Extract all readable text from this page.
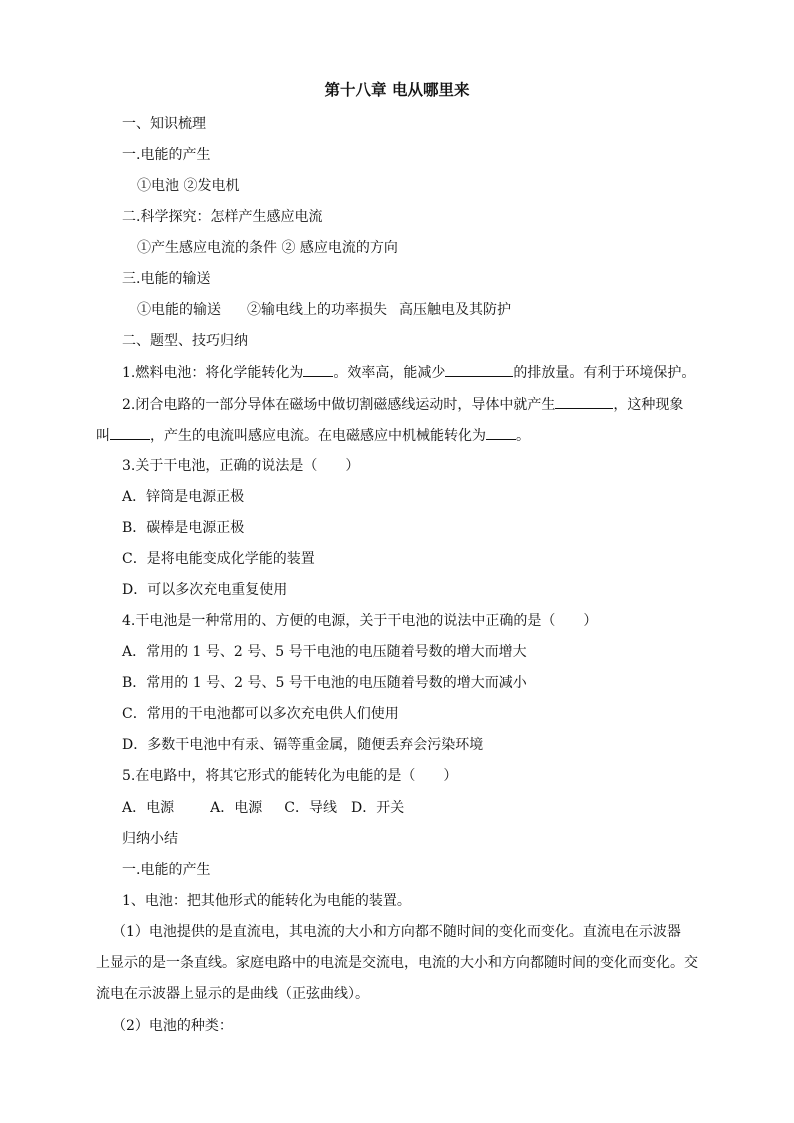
第十八章 电从哪里来
一、知识梳理
一.电能的产生
①电池 ②发电机
二.科学探究：怎样产生感应电流
①产生感应电流的条件 ② 感应电流的方向
三.电能的输送
①电能的输送 ②输电线上的功率损失 高压触电及其防护
二、题型、技巧归纳
1.燃料电池：将化学能转化为 。效率高，能减少	的排放量。有利于环境保护。
2.闭合电路的一部分导体在磁场中做切割磁感线运动时，导体中就产生	，这种现象
叫	，产生的电流叫感应电流。在电磁感应中机械能转化为 。
3.关于干电池，正确的说法是（　　）
A．锌筒是电源正极
B．碳棒是电源正极
C．是将电能变成化学能的装置
D．可以多次充电重复使用
4.干电池是一种常用的、方便的电源，关于干电池的说法中正确的是（　　）
A．常用的 1 号、2 号、5 号干电池的电压随着号数的增大而增大
B．常用的 1 号、2 号、5 号干电池的电压随着号数的增大而减小
C．常用的干电池都可以多次充电供人们使用
D．多数干电池中有汞、镉等重金属，随便丢弃会污染环境
5.在电路中，将其它形式的能转化为电能的是（　　）
A．电源	A．电源 C．导线 D．开关
归纳小结
一.电能的产生
1、电池：把其他形式的能转化为电能的装置。
（1）电池提供的是直流电，其电流的大小和方向都不随时间的变化而变化。直流电在示波器
上显示的是一条直线。家庭电路中的电流是交流电，电流的大小和方向都随时间的变化而变化。交
流电在示波器上显示的是曲线（正弦曲线）。
（2）电池的种类：
